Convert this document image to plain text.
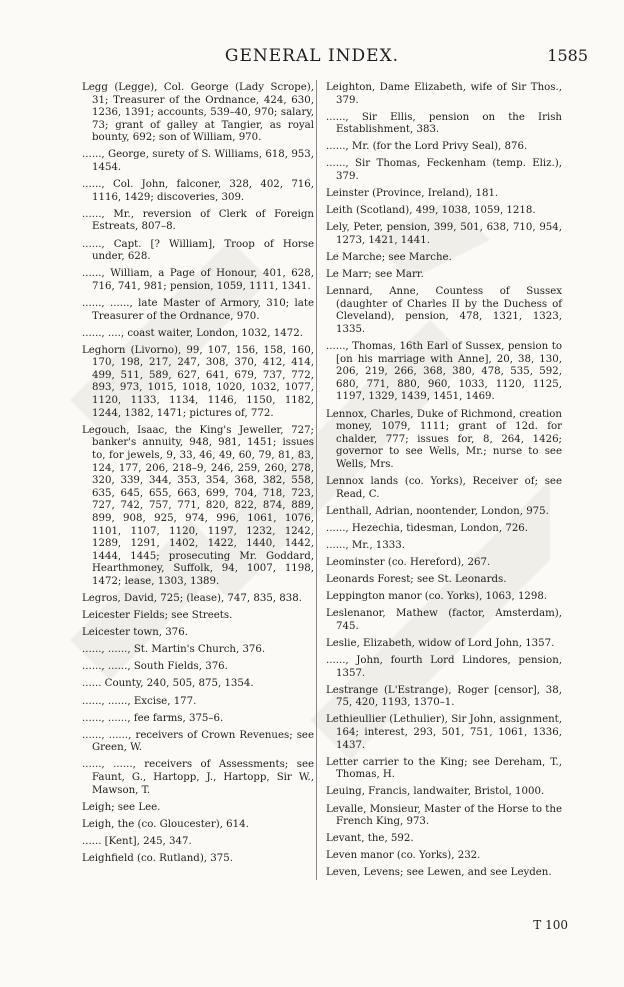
GENERAL INDEX.	1585

Legg (Legge), Col. George (Lady Scrope), 31; Treasurer of the Ordnance, 424, 630, 1236, 1391; accounts, 539–40, 970; salary, 73; grant of galley at Tangier, as royal bounty, 692; son of William, 970.

......, George, surety of S. Williams, 618, 953, 1454.

......, Col. John, falconer, 328, 402, 716, 1116, 1429; discoveries, 309.

......, Mr., reversion of Clerk of Foreign Estreats, 807–8.

......, Capt. [? William], Troop of Horse under, 628.

......, William, a Page of Honour, 401, 628, 716, 741, 981; pension, 1059, 1111, 1341.

......, ......, late Master of Armory, 310; late Treasurer of the Ordnance, 970.

......, ...., coast waiter, London, 1032, 1472.

Leghorn (Livorno), 99, 107, 156, 158, 160, 170, 198, 217, 247, 308, 370, 412, 414, 499, 511, 589, 627, 641, 679, 737, 772, 893, 973, 1015, 1018, 1020, 1032, 1077, 1120, 1133, 1134, 1146, 1150, 1182, 1244, 1382, 1471; pictures of, 772.

Legouch, Isaac, the King's Jeweller, 727; banker's annuity, 948, 981, 1451; issues to, for jewels, 9, 33, 46, 49, 60, 79, 81, 83, 124, 177, 206, 218–9, 246, 259, 260, 278, 320, 339, 344, 353, 354, 368, 382, 558, 635, 645, 655, 663, 699, 704, 718, 723, 727, 742, 757, 771, 820, 822, 874, 889, 899, 908, 925, 974, 996, 1061, 1076, 1101, 1107, 1120, 1197, 1232, 1242, 1289, 1291, 1402, 1422, 1440, 1442, 1444, 1445; prosecuting Mr. Goddard, Hearthmoney, Suffolk, 94, 1007, 1198, 1472; lease, 1303, 1389.

Legros, David, 725; (lease), 747, 835, 838.

Leicester Fields; see Streets.

Leicester town, 376.

......, ......, St. Martin's Church, 376.

......, ......, South Fields, 376.

...... County, 240, 505, 875, 1354.

......, ......, Excise, 177.

......, ......, fee farms, 375–6.

......, ......, receivers of Crown Revenues; see Green, W.

......, ......, receivers of Assessments; see Faunt, G., Hartopp, J., Hartopp, Sir W., Mawson, T.

Leigh; see Lee.

Leigh, the (co. Gloucester), 614.

...... [Kent], 245, 347.

Leighfield (co. Rutland), 375.

Leighton, Dame Elizabeth, wife of Sir Thos., 379.

......, Sir Ellis, pension on the Irish Establishment, 383.

......, Mr. (for the Lord Privy Seal), 876.

......, Sir Thomas, Feckenham (temp. Eliz.), 379.

Leinster (Province, Ireland), 181.

Leith (Scotland), 499, 1038, 1059, 1218.

Lely, Peter, pension, 399, 501, 638, 710, 954, 1273, 1421, 1441.

Le Marche; see Marche.

Le Marr; see Marr.

Lennard, Anne, Countess of Sussex (daughter of Charles II by the Duchess of Cleveland), pension, 478, 1321, 1323, 1335.

......, Thomas, 16th Earl of Sussex, pension to [on his marriage with Anne], 20, 38, 130, 206, 219, 266, 368, 380, 478, 535, 592, 680, 771, 880, 960, 1033, 1120, 1125, 1197, 1329, 1439, 1451, 1469.

Lennox, Charles, Duke of Richmond, creation money, 1079, 1111; grant of 12d. for chalder, 777; issues for, 8, 264, 1426; governor to see Wells, Mr.; nurse to see Wells, Mrs.

Lennox lands (co. Yorks), Receiver of; see Read, C.

Lenthall, Adrian, noontender, London, 975.

......, Hezechia, tidesman, London, 726.

......, Mr., 1333.

Leominster (co. Hereford), 267.

Leonards Forest; see St. Leonards.

Leppington manor (co. Yorks), 1063, 1298.

Leslenanor, Mathew (factor, Amsterdam), 745.

Leslie, Elizabeth, widow of Lord John, 1357.

......, John, fourth Lord Lindores, pension, 1357.

Lestrange (L'Estrange), Roger [censor], 38, 75, 420, 1193, 1370–1.

Lethieullier (Lethulier), Sir John, assignment, 164; interest, 293, 501, 751, 1061, 1336, 1437.

Letter carrier to the King; see Dereham, T., Thomas, H.

Leuing, Francis, landwaiter, Bristol, 1000.

Levalle, Monsieur, Master of the Horse to the French King, 973.

Levant, the, 592.

Leven manor (co. Yorks), 232.

Leven, Levens; see Lewen, and see Leyden.

T 100
